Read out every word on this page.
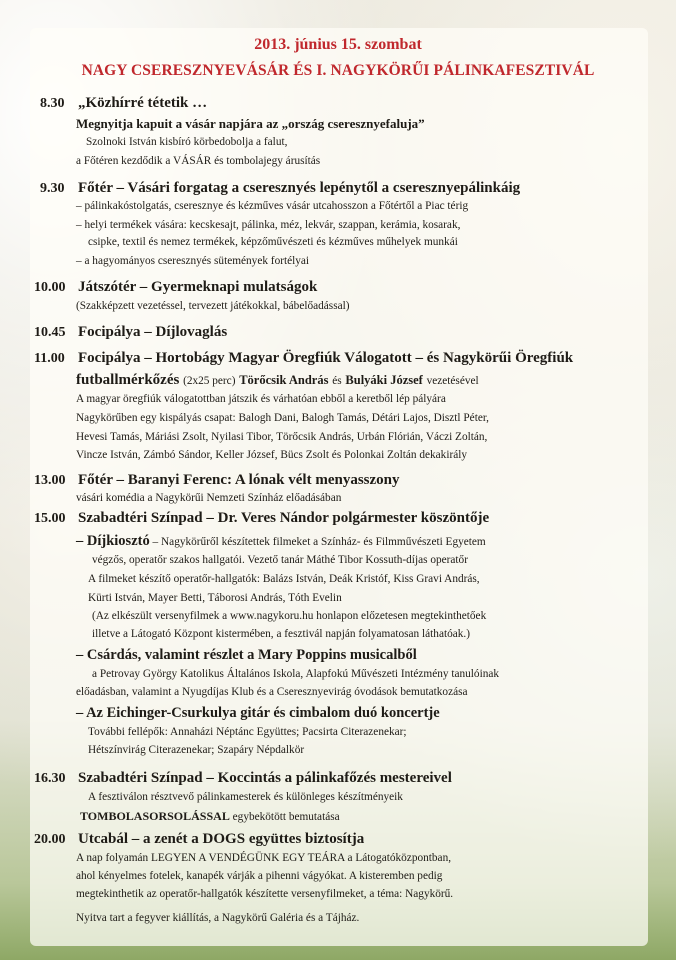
2013. június 15. szombat
NAGY CSERESZNYEVÁSÁR ÉS I. NAGYKÖRŰI PÁLINKAFESZTIVÁL
8.30 „Közhírré tétetik …
Megnyitja kapuit a vásár napjára az „ország cseresznyefaluja”
Szolnoki István kisbíró körbedobolja a falut,
a Főtéren kezdődik a VÁSÁR és tombolajegy árusítás
9.30 Főtér – Vásári forgatag a cseresznyés lepénytől a cseresznyepálinkáig
– pálinkakóstolgatás, cseresznye és kézműves vásár utcahosszon a Főtértől a Piac térig
– helyi termékek vására: kecskesajt, pálinka, méz, lekvár, szappan, kerámia, kosarak,
csipke, textil és nemez termékek, képzőművészeti és kézműves műhelyek munkái
– a hagyományos cseresznyés sütemények fortélyai
10.00 Játszótér – Gyermeknapi mulatságok
(Szakképzett vezetéssel, tervezett játékokkal, bábelőadással)
10.45 Focipálya – Díjlovaglás
11.00 Focipálya – Hortobágy Magyar Öregfiúk Válogatott – és Nagykörűi Öregfiúk
futballmérkőzés (2x25 perc) Törőcsik András és Bulyáki József vezetésével
A magyar öregfiúk válogatottban játszik és várhatóan ebből a keretből lép pályára
Nagykörűben egy kispályás csapat: Balogh Dani, Balogh Tamás, Détári Lajos, Disztl Péter,
Hevesi Tamás, Máriási Zsolt, Nyilasi Tibor, Törőcsik András, Urbán Flórián, Váczi Zoltán,
Vincze István, Zámbó Sándor, Keller József, Bücs Zsolt és Polonkai Zoltán dekakirály
13.00 Főtér – Baranyi Ferenc: A lónak vélt menyasszony
vásári komédia a Nagykörűi Nemzeti Színház előadásában
15.00 Szabadtéri Színpad – Dr. Veres Nándor polgármester köszöntője
– Díjkiosztó – Nagykörűről készítettek filmeket a Színház- és Filmművészeti Egyetem
végzős, operatőr szakos hallgatói. Vezető tanár Máthé Tibor Kossuth-díjas operatőr
A filmeket készítő operatőr-hallgatók: Balázs István, Deák Kristóf, Kiss Gravi András,
Kürti István, Mayer Betti, Táborosi András, Tóth Evelin
(Az elkészült versenyfilmek a www.nagykoru.hu honlapon előzetesen megtekinthetőek
illetve a Látogató Központ kistermében, a fesztivál napján folyamatosan láthatóak.)
– Csárdás, valamint részlet a Mary Poppins musicalből
a Petrovay György Katolikus Általános Iskola, Alapfokú Művészeti Intézmény tanulóinak
előadásban, valamint a Nyugdíjas Klub és a Cseresznyevirág óvodások bemutatkozása
– Az Eichinger-Csurkulya gitár és cimbalom duó koncertje
További fellépők: Annaházi Néptánc Együttes; Pacsirta Citerazenekar;
Hétszínvirág Citerazenekar; Szapáry Népdalkör
16.30 Szabadtéri Színpad – Koccintás a pálinkafőzés mestereivel
A fesztiválon résztvevő pálinkamesterek és különleges készítményeik
TOMBOLASORSOLÁSSAL egybekötött bemutatása
20.00 Utcabál – a zenét a DOGS együttes biztosítja
A nap folyamán LEGYEN A VENDÉGÜNK EGY TEÁRA a Látogatóközpontban,
ahol kényelmes fotelek, kanapék várják a pihenni vágyókat. A kisteremben pedig
megtekinthetik az operatőr-hallgatók készítette versenyfilmeket, a téma: Nagykörű.
Nyitva tart a fegyver kiállítás, a Nagykörű Galéria és a Tájház.
